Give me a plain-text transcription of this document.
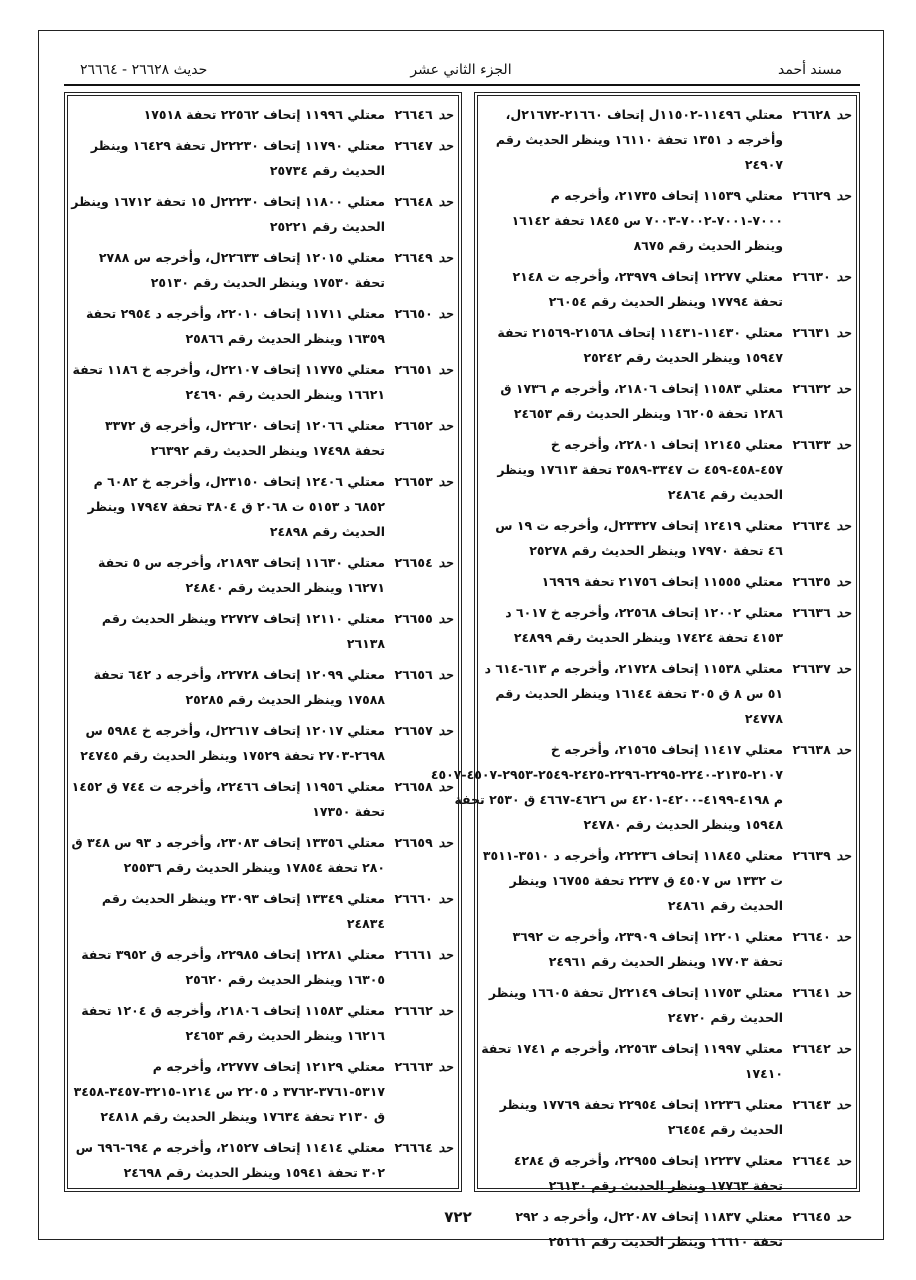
مسند أحمد
الجزء الثاني عشر
حديث ٢٦٦٢٨ - ٢٦٦٦٤
حد٢٦٦٢٨
معتلي ١١٤٩٦-١١٥٠٢ل إتحاف ٢١٦٦٠-٢١٦٧٢ل، وأخرجه د ١٣٥١ تحفة ١٦١١٠ وينظر الحديث رقم ٢٤٩٠٧
حد٢٦٦٢٩
معتلي ١١٥٣٩ إتحاف ٢١٧٣٥، وأخرجه م ٧٠٠٠-٧٠٠١-٧٠٠٢-٧٠٠٣ س ١٨٤٥ تحفة ١٦١٤٢ وينظر الحديث رقم ٨٦٧٥
حد٢٦٦٣٠
معتلي ١٢٢٧٧ إتحاف ٢٣٩٧٩، وأخرجه ت ٢١٤٨ تحفة ١٧٧٩٤ وينظر الحديث رقم ٢٦٠٥٤
حد٢٦٦٣١
معتلي ١١٤٣٠-١١٤٣١ إتحاف ٢١٥٦٨-٢١٥٦٩ تحفة ١٥٩٤٧ وينظر الحديث رقم ٢٥٢٤٢
حد٢٦٦٣٢
معتلي ١١٥٨٣ إتحاف ٢١٨٠٦، وأخرجه م ١٧٣٦ ق ١٢٨٦ تحفة ١٦٢٠٥ وينظر الحديث رقم ٢٤٦٥٣
حد٢٦٦٣٣
معتلي ١٢١٤٥ إتحاف ٢٢٨٠١، وأخرجه خ ٤٥٧-٤٥٨-٤٥٩ ت ٣٣٤٧-٣٥٨٩ تحفة ١٧٦١٣ وينظر الحديث رقم ٢٤٨٦٤
حد٢٦٦٣٤
معتلي ١٢٤١٩ إتحاف ٢٣٣٢٧ل، وأخرجه ت ١٩ س ٤٦ تحفة ١٧٩٧٠ وينظر الحديث رقم ٢٥٢٧٨
حد٢٦٦٣٥
معتلي ١١٥٥٥ إتحاف ٢١٧٥٦ تحفة ١٦٩٦٩
حد٢٦٦٣٦
معتلي ١٢٠٠٢ إتحاف ٢٢٥٦٨، وأخرجه خ ٦٠١٧ د ٤١٥٣ تحفة ١٧٤٢٤ وينظر الحديث رقم ٢٤٨٩٩
حد٢٦٦٣٧
معتلي ١١٥٣٨ إتحاف ٢١٧٢٨، وأخرجه م ٦١٣-٦١٤ د ٥١ س ٨ ق ٣٠٥ تحفة ١٦١٤٤ وينظر الحديث رقم ٢٤٧٧٨
حد٢٦٦٣٨
معتلي ١١٤١٧ إتحاف ٢١٥٦٥، وأخرجه خ ٢١٠٧-٢١٣٥-٢٢٤٠-٢٢٩٥-٢٢٩٦-٢٤٢٥-٢٥٤٩-٢٩٥٣-٤٥٠٧-٤٥٠٧ م ٤١٩٨-٤١٩٩-٤٢٠٠-٤٢٠١ س ٤٦٢٦-٤٦٦٧ ق ٢٥٣٠ تحفة ١٥٩٤٨ وينظر الحديث رقم ٢٤٧٨٠
حد٢٦٦٣٩
معتلي ١١٨٤٥ إتحاف ٢٢٢٣٦، وأخرجه د ٣٥١٠-٣٥١١ ت ١٣٣٢ س ٤٥٠٧ ق ٢٢٣٧ تحفة ١٦٧٥٥ وينظر الحديث رقم ٢٤٨٦١
حد٢٦٦٤٠
معتلي ١٢٢٠١ إتحاف ٢٣٩٠٩، وأخرجه ت ٣٦٩٢ تحفة ١٧٧٠٣ وينظر الحديث رقم ٢٤٩٦١
حد٢٦٦٤١
معتلي ١١٧٥٣ إتحاف ٢٢١٤٩ل تحفة ١٦٦٠٥ وينظر الحديث رقم ٢٤٧٢٠
حد٢٦٦٤٢
معتلي ١١٩٩٧ إتحاف ٢٢٥٦٣، وأخرجه م ١٧٤١ تحفة ١٧٤١٠
حد٢٦٦٤٣
معتلي ١٢٢٣٦ إتحاف ٢٢٩٥٤ تحفة ١٧٧٦٩ وينظر الحديث رقم ٢٦٤٥٤
حد٢٦٦٤٤
معتلي ١٢٢٣٧ إتحاف ٢٢٩٥٥، وأخرجه ق ٤٢٨٤ تحفة ١٧٧٦٣ وينظر الحديث رقم ٢٦١٣٠
حد٢٦٦٤٥
معتلي ١١٨٣٧ إتحاف ٢٢٠٨٧ل، وأخرجه د ٢٩٢ تحفة ١٦٦١٠ وينظر الحديث رقم ٢٥١٦١
حد٢٦٦٤٦
معتلي ١١٩٩٦ إتحاف ٢٢٥٦٢ تحفة ١٧٥١٨
حد٢٦٦٤٧
معتلي ١١٧٩٠ إتحاف ٢٢٢٣٠ل تحفة ١٦٤٢٩ وينظر الحديث رقم ٢٥٧٣٤
حد٢٦٦٤٨
معتلي ١١٨٠٠ إتحاف ٢٢٢٣٠ل ١٥ تحفة ١٦٧١٢ وينظر الحديث رقم ٢٥٢٢١
حد٢٦٦٤٩
معتلي ١٢٠١٥ إتحاف ٢٢٦٣٣ل، وأخرجه س ٢٧٨٨ تحفة ١٧٥٣٠ وينظر الحديث رقم ٢٥١٣٠
حد٢٦٦٥٠
معتلي ١١٧١١ إتحاف ٢٢٠١٠، وأخرجه د ٢٩٥٤ تحفة ١٦٣٥٩ وينظر الحديث رقم ٢٥٨٦٦
حد٢٦٦٥١
معتلي ١١٧٧٥ إتحاف ٢٢١٠٧ل، وأخرجه خ ١١٨٦ تحفة ١٦٦٢١ وينظر الحديث رقم ٢٤٦٩٠
حد٢٦٦٥٢
معتلي ١٢٠٦٦ إتحاف ٢٢٦٢٠ل، وأخرجه ق ٣٣٧٢ تحفة ١٧٤٩٨ وينظر الحديث رقم ٢٦٣٩٢
حد٢٦٦٥٣
معتلي ١٢٤٠٦ إتحاف ٢٣١٥٠ل، وأخرجه خ ٦٠٨٢ م ٦٨٥٢ د ٥١٥٣ ت ٢٠٦٨ ق ٣٨٠٤ تحفة ١٧٩٤٧ وينظر الحديث رقم ٢٤٨٩٨
حد٢٦٦٥٤
معتلي ١١٦٣٠ إتحاف ٢١٨٩٣، وأخرجه س ٥ تحفة ١٦٢٧١ وينظر الحديث رقم ٢٤٨٤٠
حد٢٦٦٥٥
معتلي ١٢١١٠ إتحاف ٢٢٧٢٧ وينظر الحديث رقم ٢٦١٣٨
حد٢٦٦٥٦
معتلي ١٢٠٩٩ إتحاف ٢٢٧٢٨، وأخرجه د ٦٤٢ تحفة ١٧٥٨٨ وينظر الحديث رقم ٢٥٢٨٥
حد٢٦٦٥٧
معتلي ١٢٠١٧ إتحاف ٢٢٦١٧ل، وأخرجه خ ٥٩٨٤ س ٢٦٩٨-٢٧٠٣ تحفة ١٧٥٢٩ وينظر الحديث رقم ٢٤٧٤٥
حد٢٦٦٥٨
معتلي ١١٩٥٦ إتحاف ٢٢٤٦٦، وأخرجه ت ٧٤٤ ق ١٤٥٢ تحفة ١٧٣٥٠
حد٢٦٦٥٩
معتلي ١٣٣٥٦ إتحاف ٢٣٠٨٣، وأخرجه د ٩٣ س ٣٤٨ ق ٢٨٠ تحفة ١٧٨٥٤ وينظر الحديث رقم ٢٥٥٣٦
حد٢٦٦٦٠
معتلي ١٣٣٤٩ إتحاف ٢٣٠٩٣ وينظر الحديث رقم ٢٤٨٣٤
حد٢٦٦٦١
معتلي ١٢٢٨١ إتحاف ٢٢٩٨٥، وأخرجه ق ٣٩٥٢ تحفة ١٦٣٠٥ وينظر الحديث رقم ٢٥٦٢٠
حد٢٦٦٦٢
معتلي ١١٥٨٣ إتحاف ٢١٨٠٦، وأخرجه ق ١٢٠٤ تحفة ١٦٢١٦ وينظر الحديث رقم ٢٤٦٥٣
حد٢٦٦٦٣
معتلي ١٢١٢٩ إتحاف ٢٢٧٧٧، وأخرجه م ٥٣١٧-٣٧٦١-٣٧٦٢ د ٢٢٠٥ س ١٢١٤-٣٢١٥-٣٤٥٧-٣٤٥٨ ق ٢١٣٠ تحفة ١٧٦٣٤ وينظر الحديث رقم ٢٤٨١٨
حد٢٦٦٦٤
معتلي ١١٤١٤ إتحاف ٢١٥٢٧، وأخرجه م ٦٩٤-٦٩٦ س ٣٠٢ تحفة ١٥٩٤١ وينظر الحديث رقم ٢٤٦٩٨
٧٢٢
